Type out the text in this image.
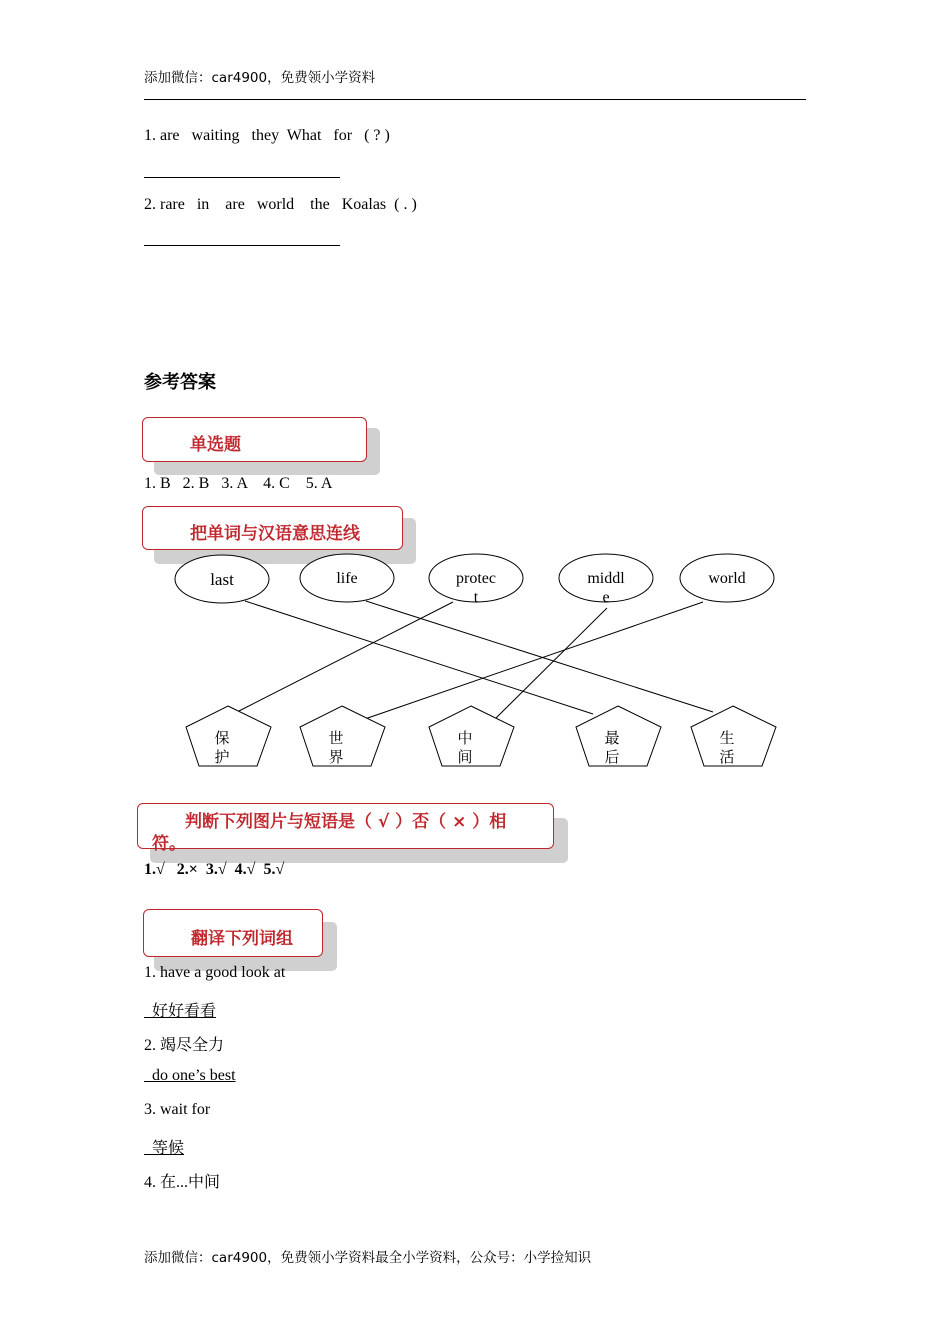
添加微信：car4900，免费领小学资料
1. are   waiting   they  What   for   ( ? )
2. rare   in    are   world    the   Koalas  ( . )
参考答案
单选题
1. B   2. B   3. A    4. C    5. A
把单词与汉语意思连线
last	life	protec
t
middl
e
world
保
护
世
界
中
间
最
后
生
活
判断下列图片与短语是（ √ ）否（ × ）相
符。
1.√   2.×  3.√  4.√  5.√
翻译下列词组
1. have a good look at
好好看看
2. 竭尽全力
do one’s best
3. wait for
等候
4. 在...中间
添加微信：car4900，免费领小学资料最全小学资料，公众号：小学捡知识
